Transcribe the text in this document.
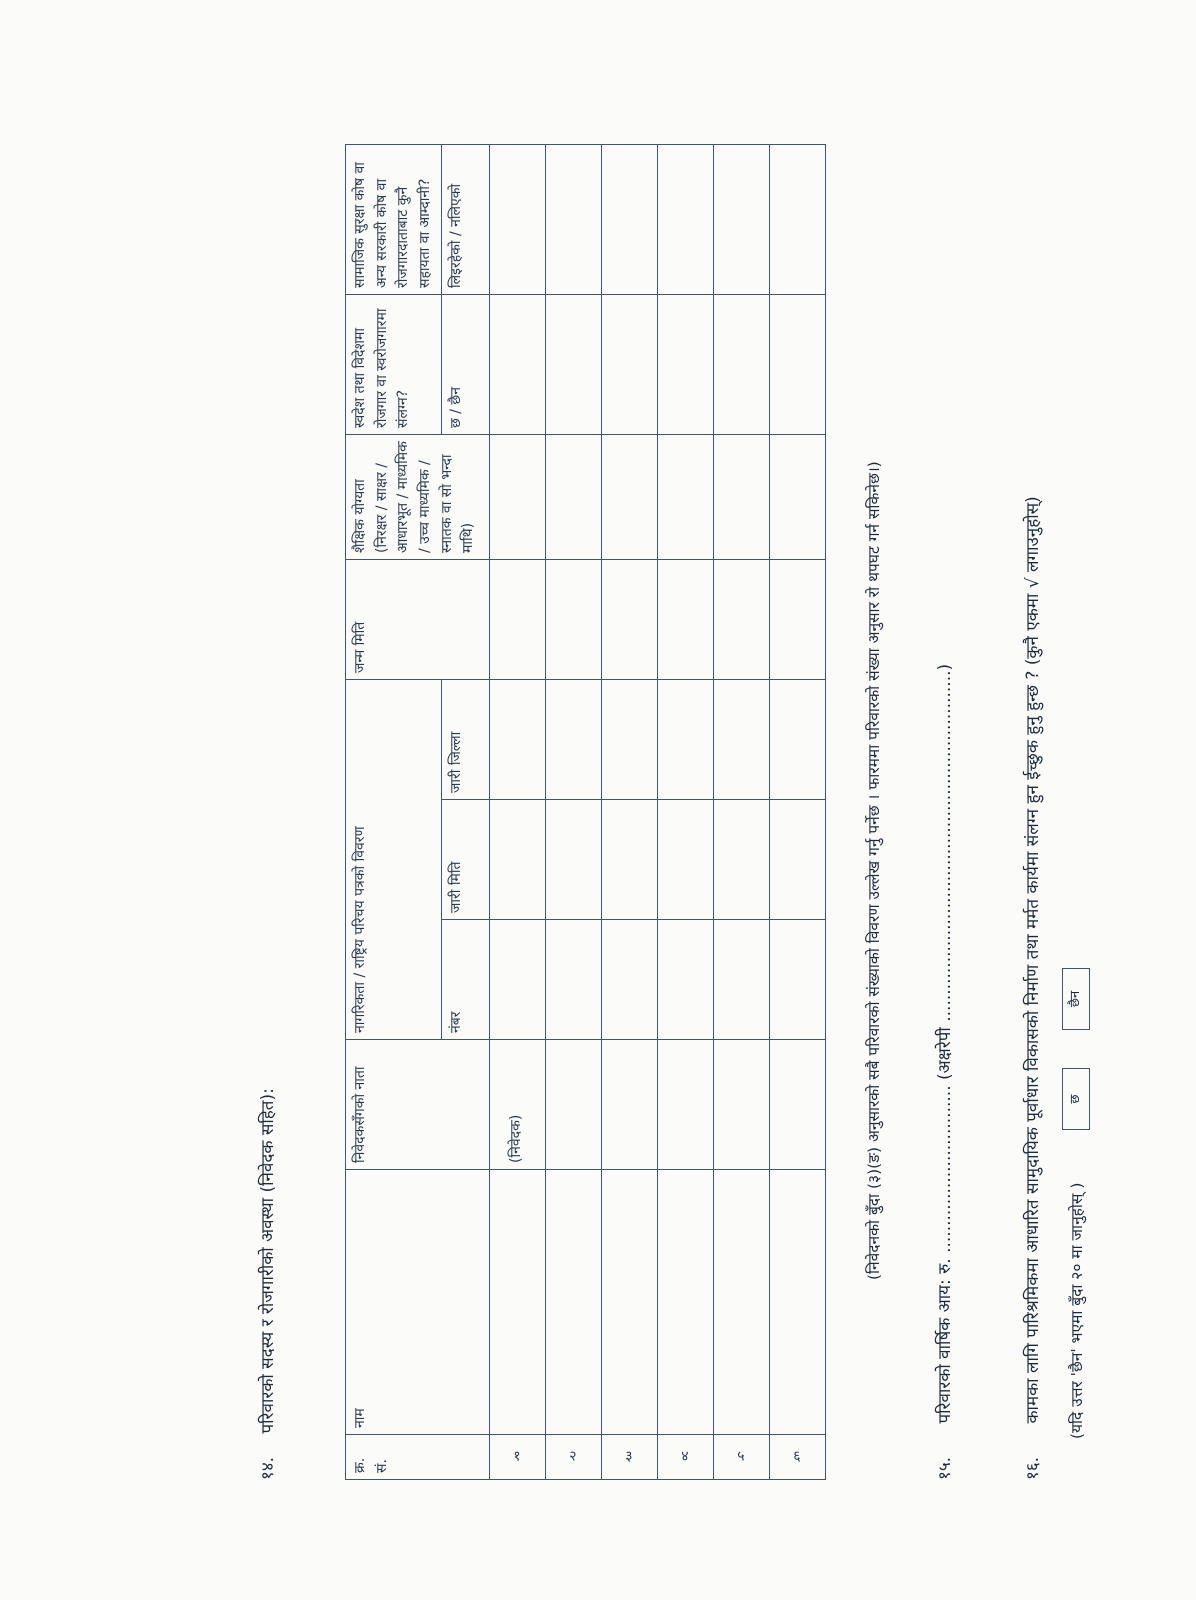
१४. परिवारको सदस्य र रोजगारीको अवस्था (निवेदक सहित):
क्र. सं.	नाम	निवेदकसँगको नाता	नागरिकता / राष्ट्रिय परिचय पत्रको विवरण			जन्म मिति	शैक्षिक योग्यता (निरक्षर / साक्षर / आधारभूत / माध्यमिक / उच्च माध्यमिक / स्नातक वा सो भन्दा माथि)	स्वदेश तथा विदेशमा रोजगार वा स्वरोजगारमा संलग्न?	सामाजिक सुरक्षा कोष वा अन्य सरकारी कोष वा रोजगारदाताबाट कुनै सहायता वा आम्दानी?
			नंबर	जारी मिति	जारी जिल्ला			छ / छैन	लिइरहेको / नलिएको
१		(निवेदक)							
२									
३									
४									
५									
६									
(निवेदनको बुँदा (३)(ङ) अनुसारको सबै परिवारको संख्याको विवरण उल्लेख गर्नु पर्नेछ । फारममा परिवारको संख्या अनुसार रो थपघट गर्न सकिनेछ।)
१५. परिवारको वार्षिक आय: रु. ............................... (अक्षरेपी .................................................................)
१६. कामका लागि पारिश्रमिकमा आधारित सामुदायिक पूर्वाधार विकासको निर्माण तथा मर्मत कार्यमा संलग्न हुन ईच्छुक हुनु हुन्छ ? (कुनै एकमा √ लगाउनुहोस्) (यदि उत्तर 'छैन' भएमा बुँदा २० मा जानुहोस् )
छ
छैन
